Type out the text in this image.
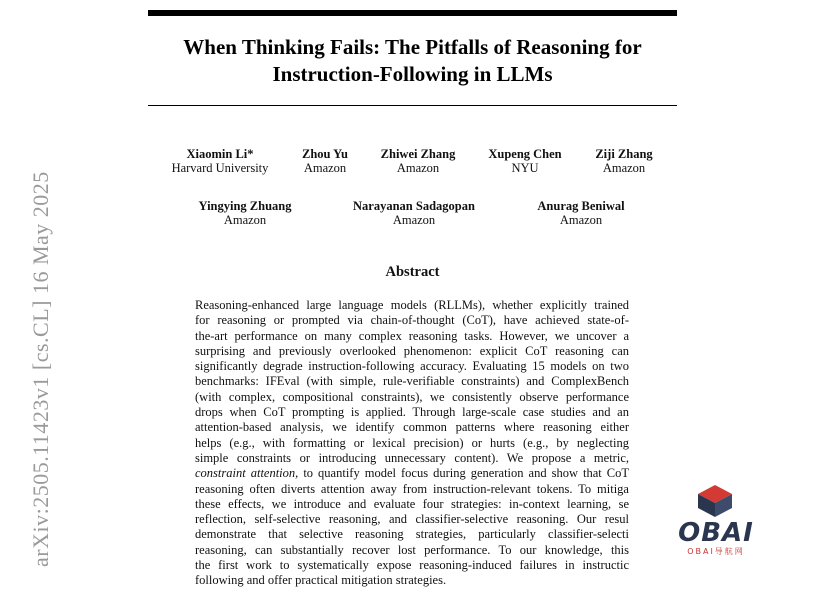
When Thinking Fails: The Pitfalls of Reasoning for
Instruction-Following in LLMs
Xiaomin Li*
Harvard University
Zhou Yu
Amazon
Zhiwei Zhang
Amazon
Xupeng Chen
NYU
Ziji Zhang
Amazon
Yingying Zhuang
Amazon
Narayanan Sadagopan
Amazon
Anurag Beniwal
Amazon
Abstract
Reasoning-enhanced large language models (RLLMs), whether explicitly trained
for reasoning or prompted via chain-of-thought (CoT), have achieved state-of-
the-art performance on many complex reasoning tasks. However, we uncover a
surprising and previously overlooked phenomenon: explicit CoT reasoning can
significantly degrade instruction-following accuracy. Evaluating 15 models on two
benchmarks: IFEval (with simple, rule-verifiable constraints) and ComplexBench
(with complex, compositional constraints), we consistently observe performance
drops when CoT prompting is applied. Through large-scale case studies and an
attention-based analysis, we identify common patterns where reasoning either
helps (e.g., with formatting or lexical precision) or hurts (e.g., by neglecting
simple constraints or introducing unnecessary content). We propose a metric,
constraint attention, to quantify model focus during generation and show that CoT
reasoning often diverts attention away from instruction-relevant tokens. To mitiga
these effects, we introduce and evaluate four strategies: in-context learning, se
reflection, self-selective reasoning, and classifier-selective reasoning. Our resul
demonstrate that selective reasoning strategies, particularly classifier-selecti
reasoning, can substantially recover lost performance. To our knowledge, this
the first work to systematically expose reasoning-induced failures in instructic
following and offer practical mitigation strategies.
arXiv:2505.11423v1 [cs.CL] 16 May 2025	OBAI
OBAI导航网
